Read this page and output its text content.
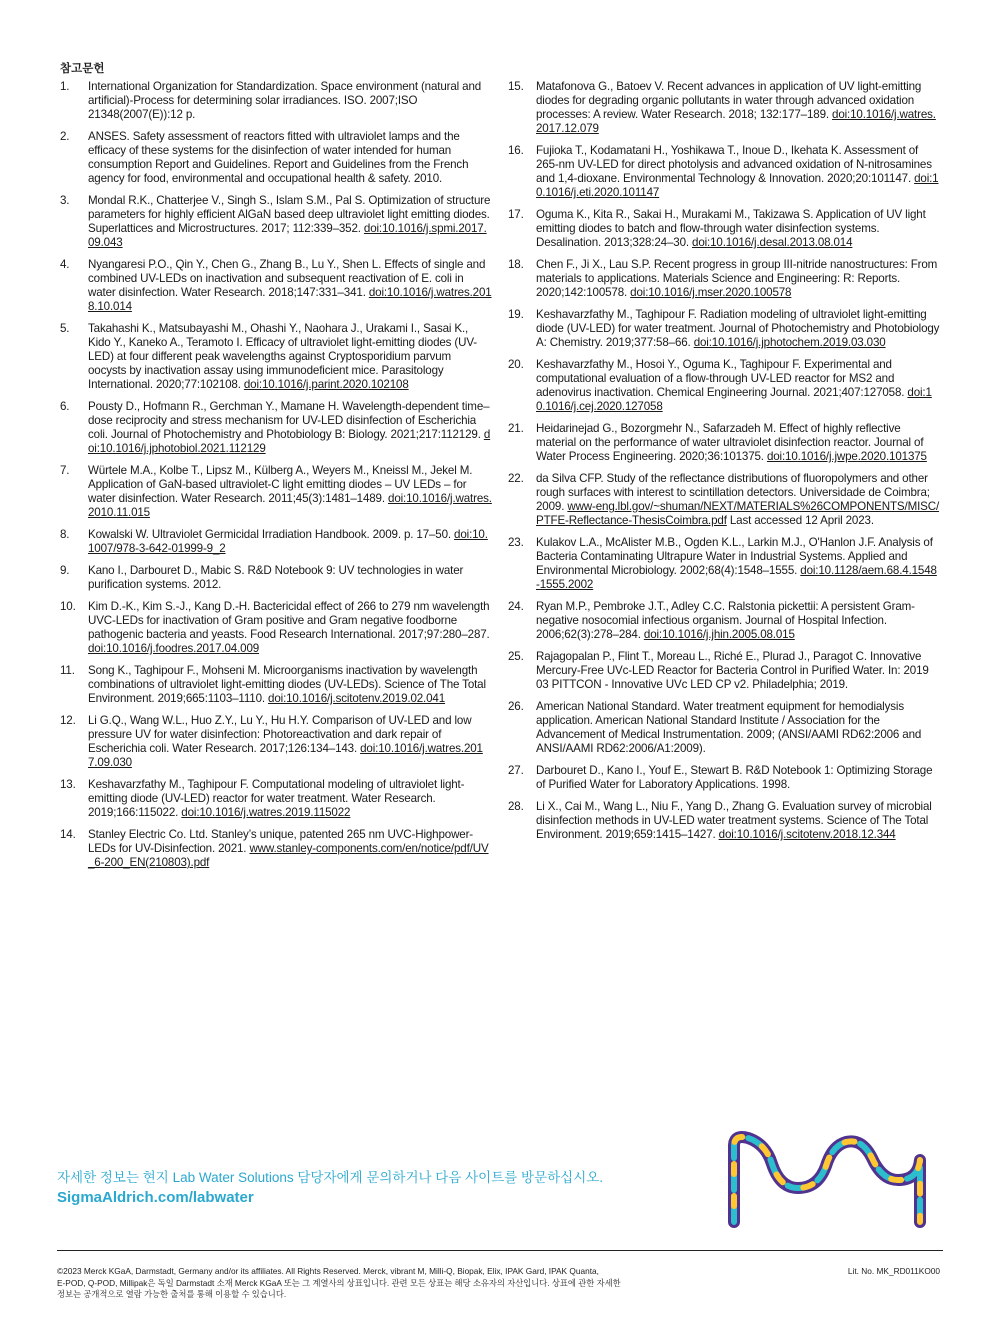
참고문헌
1. International Organization for Standardization. Space environment (natural and artificial)-Process for determining solar irradiances. ISO. 2007;ISO 21348(2007(E)):12 p.
2. ANSES. Safety assessment of reactors fitted with ultraviolet lamps and the efficacy of these systems for the disinfection of water intended for human consumption Report and Guidelines. Report and Guidelines from the French agency for food, environmental and occupational health & safety. 2010.
3. Mondal R.K., Chatterjee V., Singh S., Islam S.M., Pal S. Optimization of structure parameters for highly efficient AlGaN based deep ultraviolet light emitting diodes. Superlattices and Microstructures. 2017; 112:339–352. doi:10.1016/j.spmi.2017.09.043
4. Nyangaresi P.O., Qin Y., Chen G., Zhang B., Lu Y., Shen L. Effects of single and combined UV-LEDs on inactivation and subsequent reactivation of E. coli in water disinfection. Water Research. 2018;147:331–341. doi:10.1016/j.watres.2018.10.014
5. Takahashi K., Matsubayashi M., Ohashi Y., Naohara J., Urakami I., Sasai K., Kido Y., Kaneko A., Teramoto I. Efficacy of ultraviolet light-emitting diodes (UV-LED) at four different peak wavelengths against Cryptosporidium parvum oocysts by inactivation assay using immunodeficient mice. Parasitology International. 2020;77:102108. doi:10.1016/j.parint.2020.102108
6. Pousty D., Hofmann R., Gerchman Y., Mamane H. Wavelength-dependent time–dose reciprocity and stress mechanism for UV-LED disinfection of Escherichia coli. Journal of Photochemistry and Photobiology B: Biology. 2021;217:112129. doi:10.1016/j.jphotobiol.2021.112129
7. Würtele M.A., Kolbe T., Lipsz M., Külberg A., Weyers M., Kneissl M., Jekel M. Application of GaN-based ultraviolet-C light emitting diodes – UV LEDs – for water disinfection. Water Research. 2011;45(3):1481–1489. doi:10.1016/j.watres.2010.11.015
8. Kowalski W. Ultraviolet Germicidal Irradiation Handbook. 2009. p. 17–50. doi:10.1007/978-3-642-01999-9_2
9. Kano I., Darbouret D., Mabic S. R&D Notebook 9: UV technologies in water purification systems. 2012.
10. Kim D.-K., Kim S.-J., Kang D.-H. Bactericidal effect of 266 to 279 nm wavelength UVC-LEDs for inactivation of Gram positive and Gram negative foodborne pathogenic bacteria and yeasts. Food Research International. 2017;97:280–287. doi:10.1016/j.foodres.2017.04.009
11. Song K., Taghipour F., Mohseni M. Microorganisms inactivation by wavelength combinations of ultraviolet light-emitting diodes (UV-LEDs). Science of The Total Environment. 2019;665:1103–1110. doi:10.1016/j.scitotenv.2019.02.041
12. Li G.Q., Wang W.L., Huo Z.Y., Lu Y., Hu H.Y. Comparison of UV-LED and low pressure UV for water disinfection: Photoreactivation and dark repair of Escherichia coli. Water Research. 2017;126:134–143. doi:10.1016/j.watres.2017.09.030
13. Keshavarzfathy M., Taghipour F. Computational modeling of ultraviolet light-emitting diode (UV-LED) reactor for water treatment. Water Research. 2019;166:115022. doi:10.1016/j.watres.2019.115022
14. Stanley Electric Co. Ltd. Stanley’s unique, patented 265 nm UVC-Highpower-LEDs for UV-Disinfection. 2021. www.stanley-components.com/en/notice/pdf/UV_6-200_EN(210803).pdf
15. Matafonova G., Batoev V. Recent advances in application of UV light-emitting diodes for degrading organic pollutants in water through advanced oxidation processes: A review. Water Research. 2018; 132:177–189. doi:10.1016/j.watres.2017.12.079
16. Fujioka T., Kodamatani H., Yoshikawa T., Inoue D., Ikehata K. Assessment of 265-nm UV-LED for direct photolysis and advanced oxidation of N-nitrosamines and 1,4-dioxane. Environmental Technology & Innovation. 2020;20:101147. doi:10.1016/j.eti.2020.101147
17. Oguma K., Kita R., Sakai H., Murakami M., Takizawa S. Application of UV light emitting diodes to batch and flow-through water disinfection systems. Desalination. 2013;328:24–30. doi:10.1016/j.desal.2013.08.014
18. Chen F., Ji X., Lau S.P. Recent progress in group III-nitride nanostructures: From materials to applications. Materials Science and Engineering: R: Reports. 2020;142:100578. doi:10.1016/j.mser.2020.100578
19. Keshavarzfathy M., Taghipour F. Radiation modeling of ultraviolet light-emitting diode (UV-LED) for water treatment. Journal of Photochemistry and Photobiology A: Chemistry. 2019;377:58–66. doi:10.1016/j.jphotochem.2019.03.030
20. Keshavarzfathy M., Hosoi Y., Oguma K., Taghipour F. Experimental and computational evaluation of a flow-through UV-LED reactor for MS2 and adenovirus inactivation. Chemical Engineering Journal. 2021;407:127058. doi:10.1016/j.cej.2020.127058
21. Heidarinejad G., Bozorgmehr N., Safarzadeh M. Effect of highly reflective material on the performance of water ultraviolet disinfection reactor. Journal of Water Process Engineering. 2020;36:101375. doi:10.1016/j.jwpe.2020.101375
22. da Silva CFP. Study of the reflectance distributions of fluoropolymers and other rough surfaces with interest to scintillation detectors. Universidade de Coimbra; 2009. www-eng.lbl.gov/~shuman/NEXT/MATERIALS%26COMPONENTS/MISC/PTFE-Reflectance-ThesisCoimbra.pdf Last accessed 12 April 2023.
23. Kulakov L.A., McAlister M.B., Ogden K.L., Larkin M.J., O'Hanlon J.F. Analysis of Bacteria Contaminating Ultrapure Water in Industrial Systems. Applied and Environmental Microbiology. 2002;68(4):1548–1555. doi:10.1128/aem.68.4.1548-1555.2002
24. Ryan M.P., Pembroke J.T., Adley C.C. Ralstonia pickettii: A persistent Gram-negative nosocomial infectious organism. Journal of Hospital Infection. 2006;62(3):278–284. doi:10.1016/j.jhin.2005.08.015
25. Rajagopalan P., Flint T., Moreau L., Riché E., Plurad J., Paragot C. Innovative Mercury-Free UVc-LED Reactor for Bacteria Control in Purified Water. In: 2019 03 PITTCON - Innovative UVc LED CP v2. Philadelphia; 2019.
26. American National Standard. Water treatment equipment for hemodialysis application. American National Standard Institute / Association for the Advancement of Medical Instrumentation. 2009; (ANSI/AAMI RD62:2006 and ANSI/AAMI RD62:2006/A1:2009).
27. Darbouret D., Kano I., Youf E., Stewart B. R&D Notebook 1: Optimizing Storage of Purified Water for Laboratory Applications. 1998.
28. Li X., Cai M., Wang L., Niu F., Yang D., Zhang G. Evaluation survey of microbial disinfection methods in UV-LED water treatment systems. Science of The Total Environment. 2019;659:1415–1427. doi:10.1016/j.scitotenv.2018.12.344
자세한 정보는 현지 Lab Water Solutions 담당자에게 문의하거나 다음 사이트를 방문하십시오.
SigmaAldrich.com/labwater
©2023 Merck KGaA, Darmstadt, Germany and/or its affiliates. All Rights Reserved. Merck, vibrant M, Milli-Q, Biopak, Elix, IPAK Gard, IPAK Quanta,
E-POD, Q-POD, Millipak은 독일 Darmstadt 소재 Merck KGaA 또는 그 계열사의 상표입니다. 관련 모든 상표는 해당 소유자의 자산입니다. 상표에 관한 자세한
정보는 공개적으로 열람 가능한 출처를 통해 이용할 수 있습니다.
Lit. No. MK_RD011KO00
